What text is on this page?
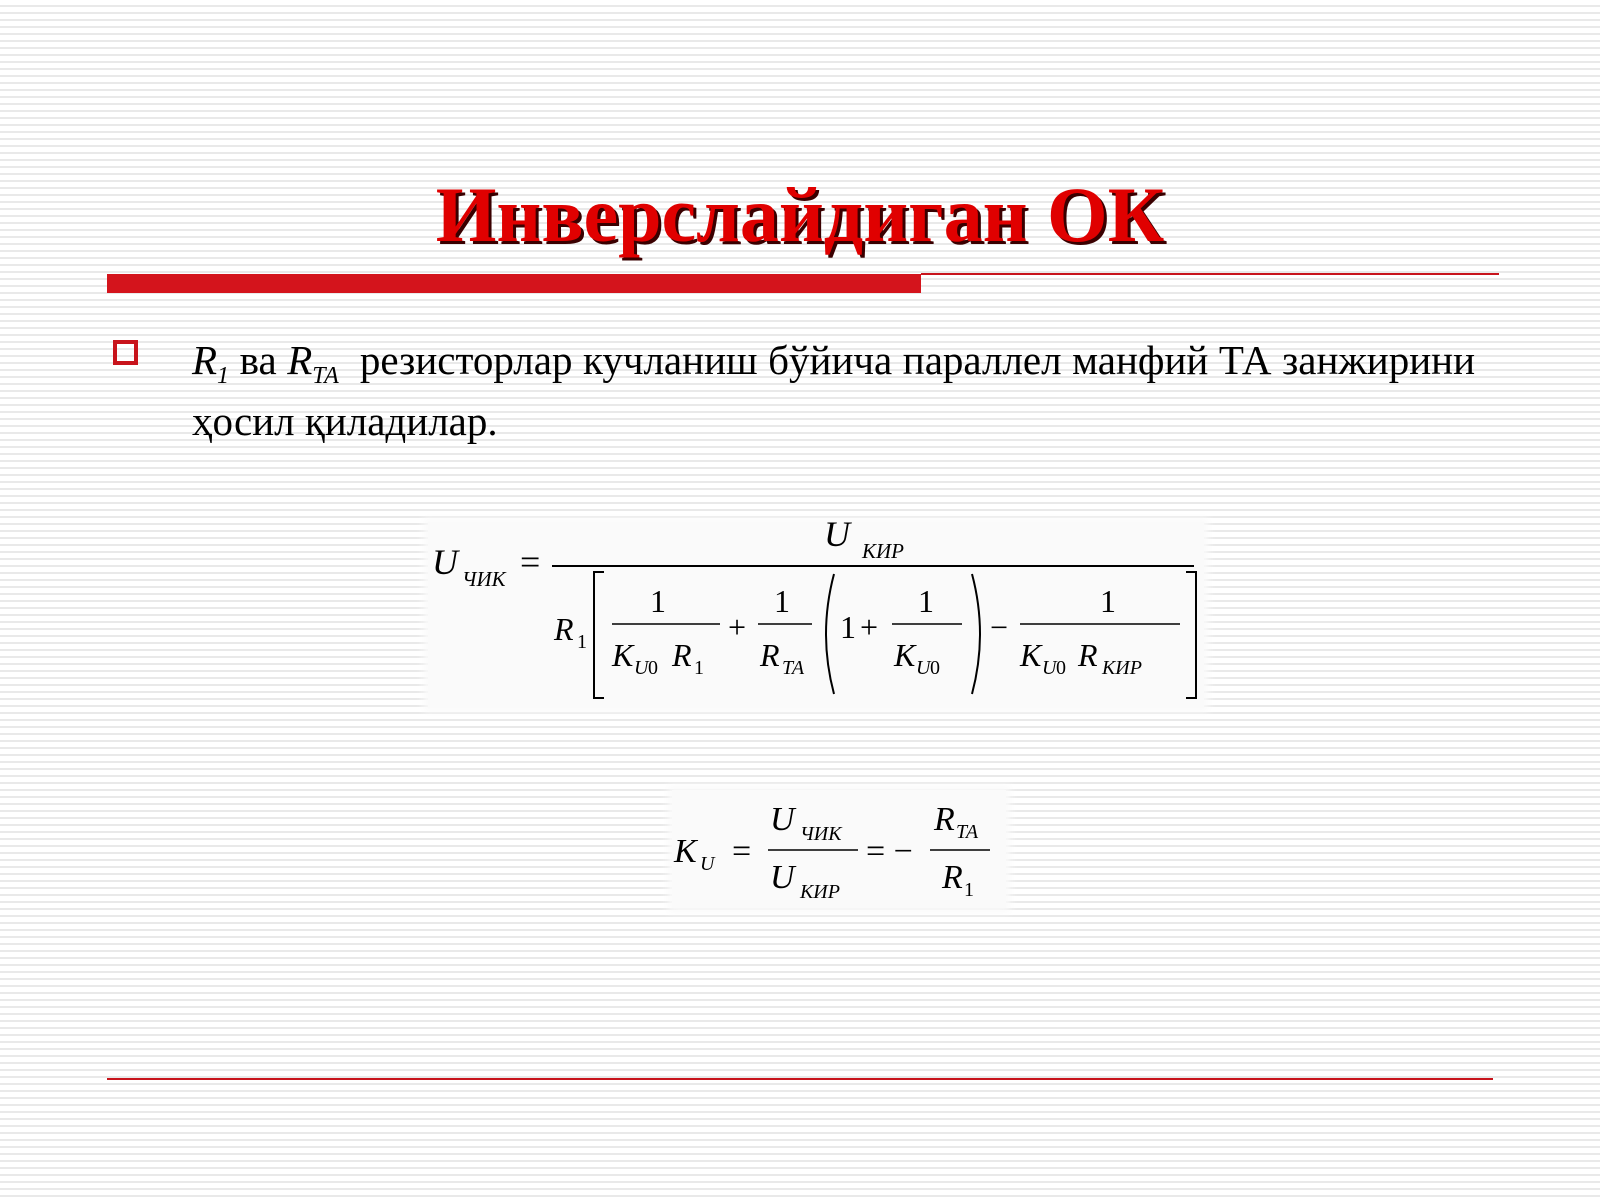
Инверслайдиган ОК
$R_1$ ва $R_{ТА}$ резисторлар кучланиш бўйича параллел манфий ТА занжирини ҳосил қиладилар.
U ЧИК =
U КИР
R 1
1
K U 0 R 1
+
1
R ТА
1 +
1
K U 0
−
1
K U 0 R КИР
K U =
U ЧИК
U КИР
= −
R ТА
R 1
